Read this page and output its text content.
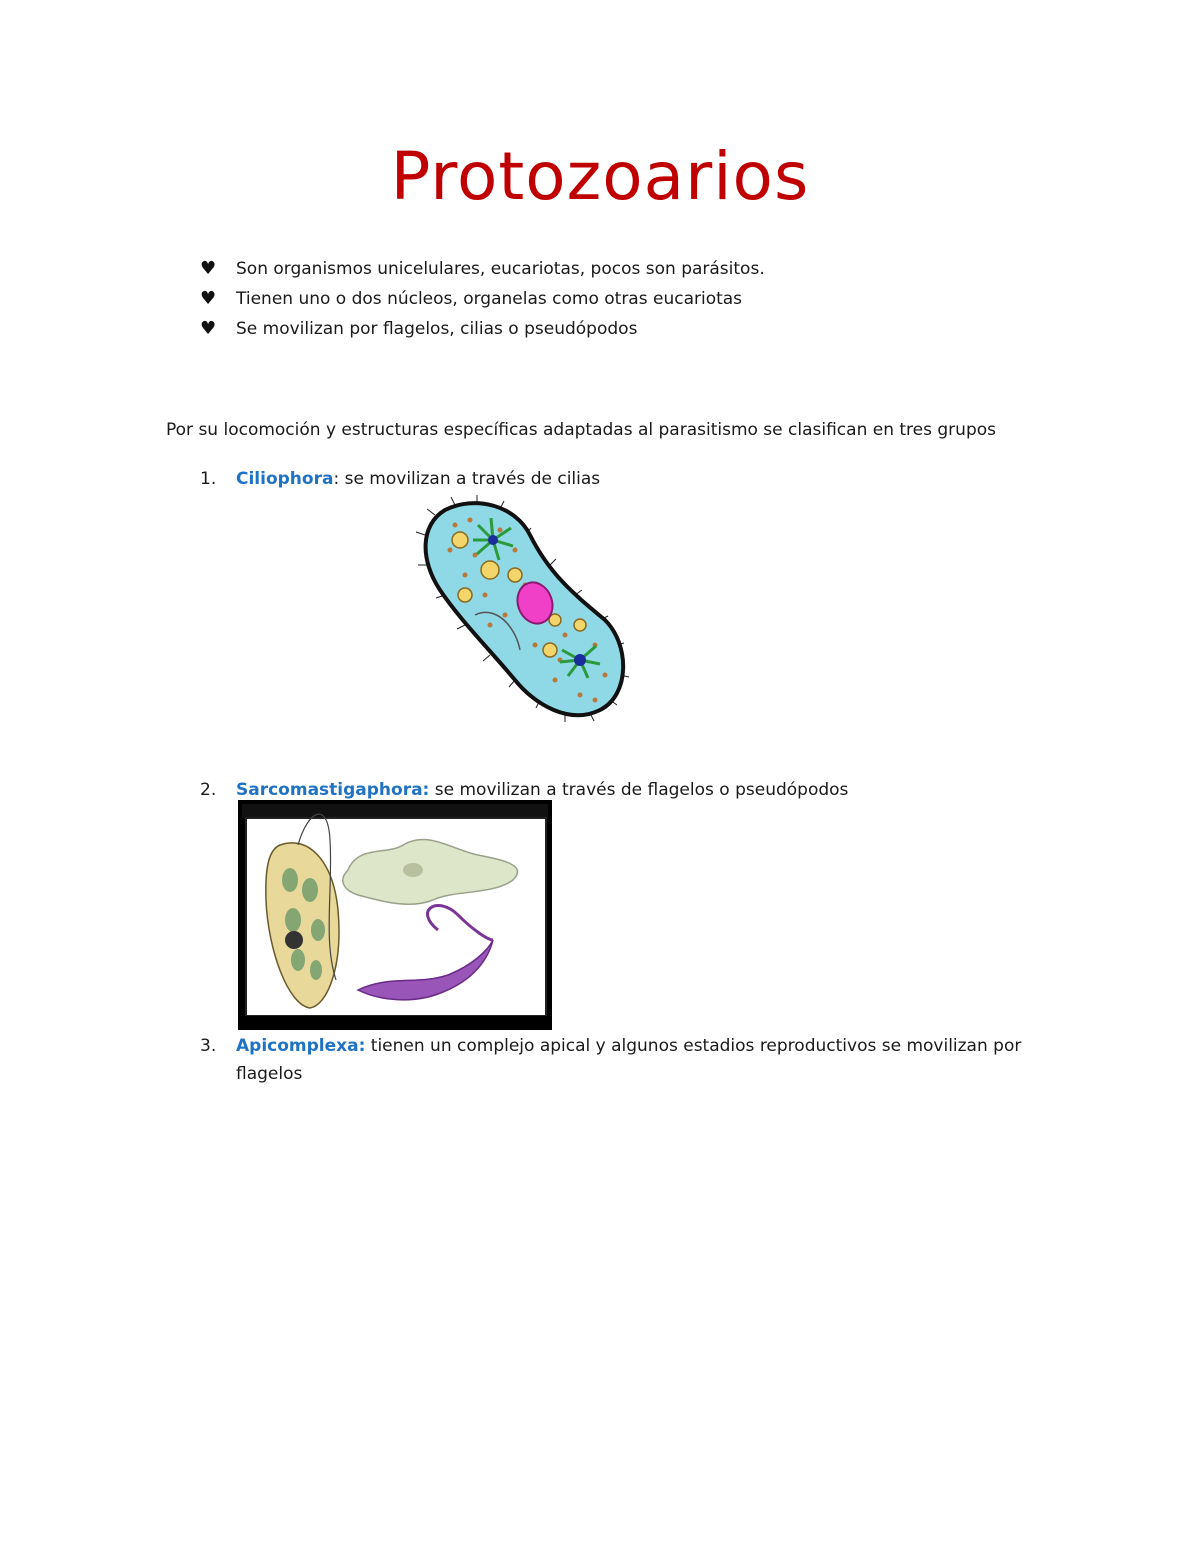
Protozoarios
♥	Son organismos unicelulares, eucariotas, pocos son parásitos.
♥	Tienen uno o dos núcleos, organelas como otras eucariotas
♥	Se movilizan por flagelos, cilias o pseudópodos

Por su locomoción y estructuras específicas adaptadas al parasitismo se clasifican en tres grupos

1. Ciliophora: se movilizan a través de cilias
2. Sarcomastigaphora: se movilizan a través de flagelos o pseudópodos
3. Apicomplexa: tienen un complejo apical y algunos estadios reproductivos se movilizan por flagelos
